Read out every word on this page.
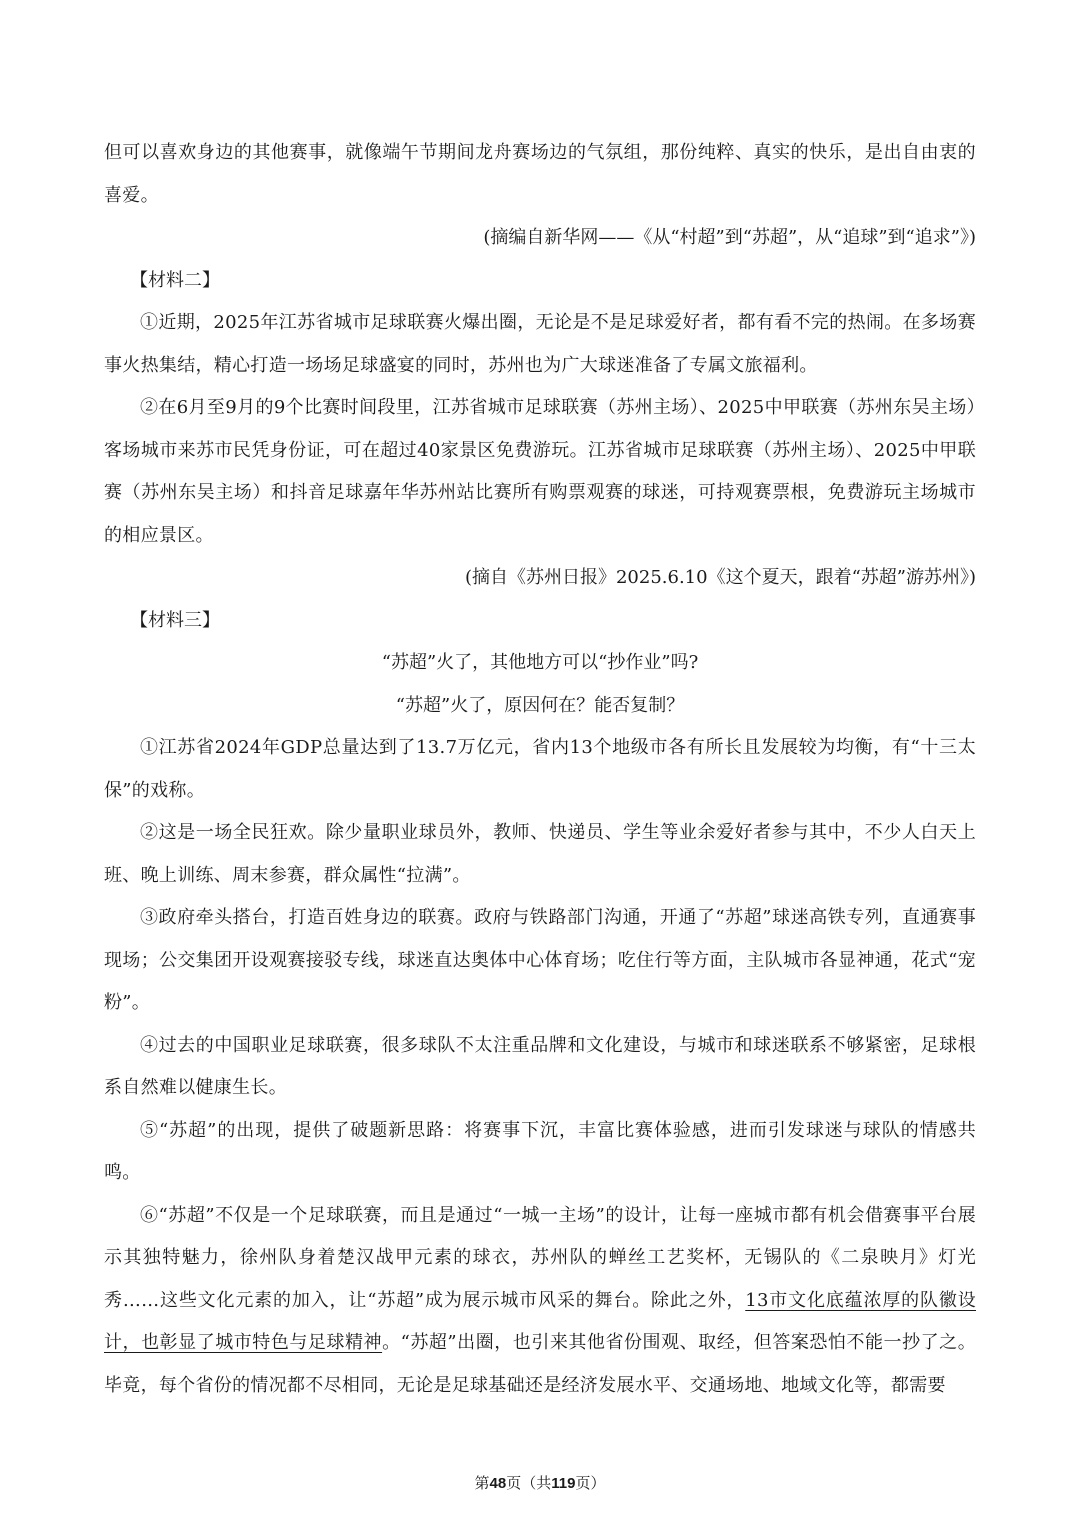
但可以喜欢身边的其他赛事，就像端午节期间龙舟赛场边的气氛组，那份纯粹、真实的快乐，是出自由衷的喜爱。

(摘编自新华网——《从“村超”到“苏超”，从“追球”到“追求”》)

【材料二】

①近期，2025年江苏省城市足球联赛火爆出圈，无论是不是足球爱好者，都有看不完的热闹。在多场赛事火热集结，精心打造一场场足球盛宴的同时，苏州也为广大球迷准备了专属文旅福利。

②在6月至9月的9个比赛时间段里，江苏省城市足球联赛（苏州主场）、2025中甲联赛（苏州东吴主场）客场城市来苏市民凭身份证，可在超过40家景区免费游玩。江苏省城市足球联赛（苏州主场）、2025中甲联赛（苏州东吴主场）和抖音足球嘉年华苏州站比赛所有购票观赛的球迷，可持观赛票根，免费游玩主场城市的相应景区。

(摘自《苏州日报》2025.6.10《这个夏天，跟着“苏超”游苏州》)

【材料三】

“苏超”火了，其他地方可以“抄作业”吗?

“苏超”火了，原因何在？能否复制？

①江苏省2024年GDP总量达到了13.7万亿元，省内13个地级市各有所长且发展较为均衡，有“十三太保”的戏称。

②这是一场全民狂欢。除少量职业球员外，教师、快递员、学生等业余爱好者参与其中，不少人白天上班、晚上训练、周末参赛，群众属性“拉满”。

③政府牵头搭台，打造百姓身边的联赛。政府与铁路部门沟通，开通了“苏超”球迷高铁专列，直通赛事现场；公交集团开设观赛接驳专线，球迷直达奥体中心体育场；吃住行等方面，主队城市各显神通，花式“宠粉”。

④过去的中国职业足球联赛，很多球队不太注重品牌和文化建设，与城市和球迷联系不够紧密，足球根系自然难以健康生长。

⑤“苏超”的出现，提供了破题新思路：将赛事下沉，丰富比赛体验感，进而引发球迷与球队的情感共鸣。

⑥“苏超”不仅是一个足球联赛，而且是通过“一城一主场”的设计，让每一座城市都有机会借赛事平台展示其独特魅力，徐州队身着楚汉战甲元素的球衣，苏州队的蝉丝工艺奖杯，无锡队的《二泉映月》灯光秀……这些文化元素的加入，让“苏超”成为展示城市风采的舞台。除此之外，13市文化底蕴浓厚的队徽设计，也彰显了城市特色与足球精神。“苏超”出圈，也引来其他省份围观、取经，但答案恐怕不能一抄了之。毕竟，每个省份的情况都不尽相同，无论是足球基础还是经济发展水平、交通场地、地域文化等，都需要

第48页（共119页）
